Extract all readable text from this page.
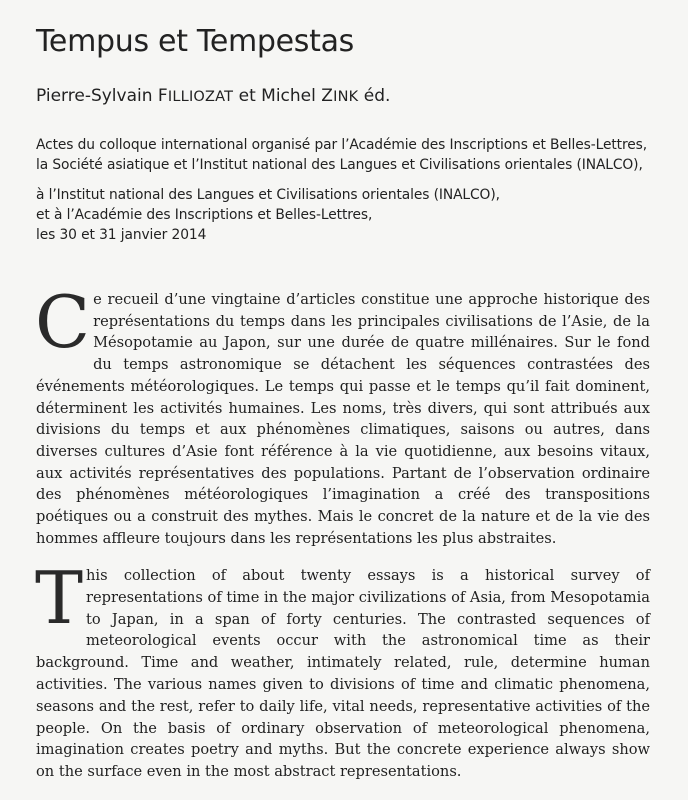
Tempus et Tempestas
Pierre-Sylvain FILLIOZAT et Michel ZINK éd.
Actes du colloque international organisé par l’Académie des Inscriptions et Belles-Lettres,
la Société asiatique et l’Institut national des Langues et Civilisations orientales (INALCO),
à l’Institut national des Langues et Civilisations orientales (INALCO),
et à l’Académie des Inscriptions et Belles-Lettres,
les 30 et 31 janvier 2014
Ce recueil d’une vingtaine d’articles constitue une approche historique des représentations du temps dans les principales civilisations de l’Asie, de la Mésopotamie au Japon, sur une durée de quatre millénaires. Sur le fond du temps astronomique se détachent les séquences contrastées des événements météorologiques. Le temps qui passe et le temps qu’il fait dominent, déterminent les activités humaines. Les noms, très divers, qui sont attribués aux divisions du temps et aux phénomènes climatiques, saisons ou autres, dans diverses cultures d’Asie font référence à la vie quotidienne, aux besoins vitaux, aux activités représentatives des populations. Partant de l’observation ordinaire des phénomènes météorologiques l’imagination a créé des transpositions poétiques ou a construit des mythes. Mais le concret de la nature et de la vie des hommes affleure toujours dans les représentations les plus abstraites.
This collection of about twenty essays is a historical survey of representations of time in the major civilizations of Asia, from Mesopotamia to Japan, in a span of forty centuries. The contrasted sequences of meteorological events occur with the astronomical time as their background. Time and weather, intimately related, rule, determine human activities. The various names given to divisions of time and climatic phenomena, seasons and the rest, refer to daily life, vital needs, representative activities of the people. On the basis of ordinary observation of meteorological phenomena, imagination creates poetry and myths. But the concrete experience always show on the surface even in the most abstract representations.
